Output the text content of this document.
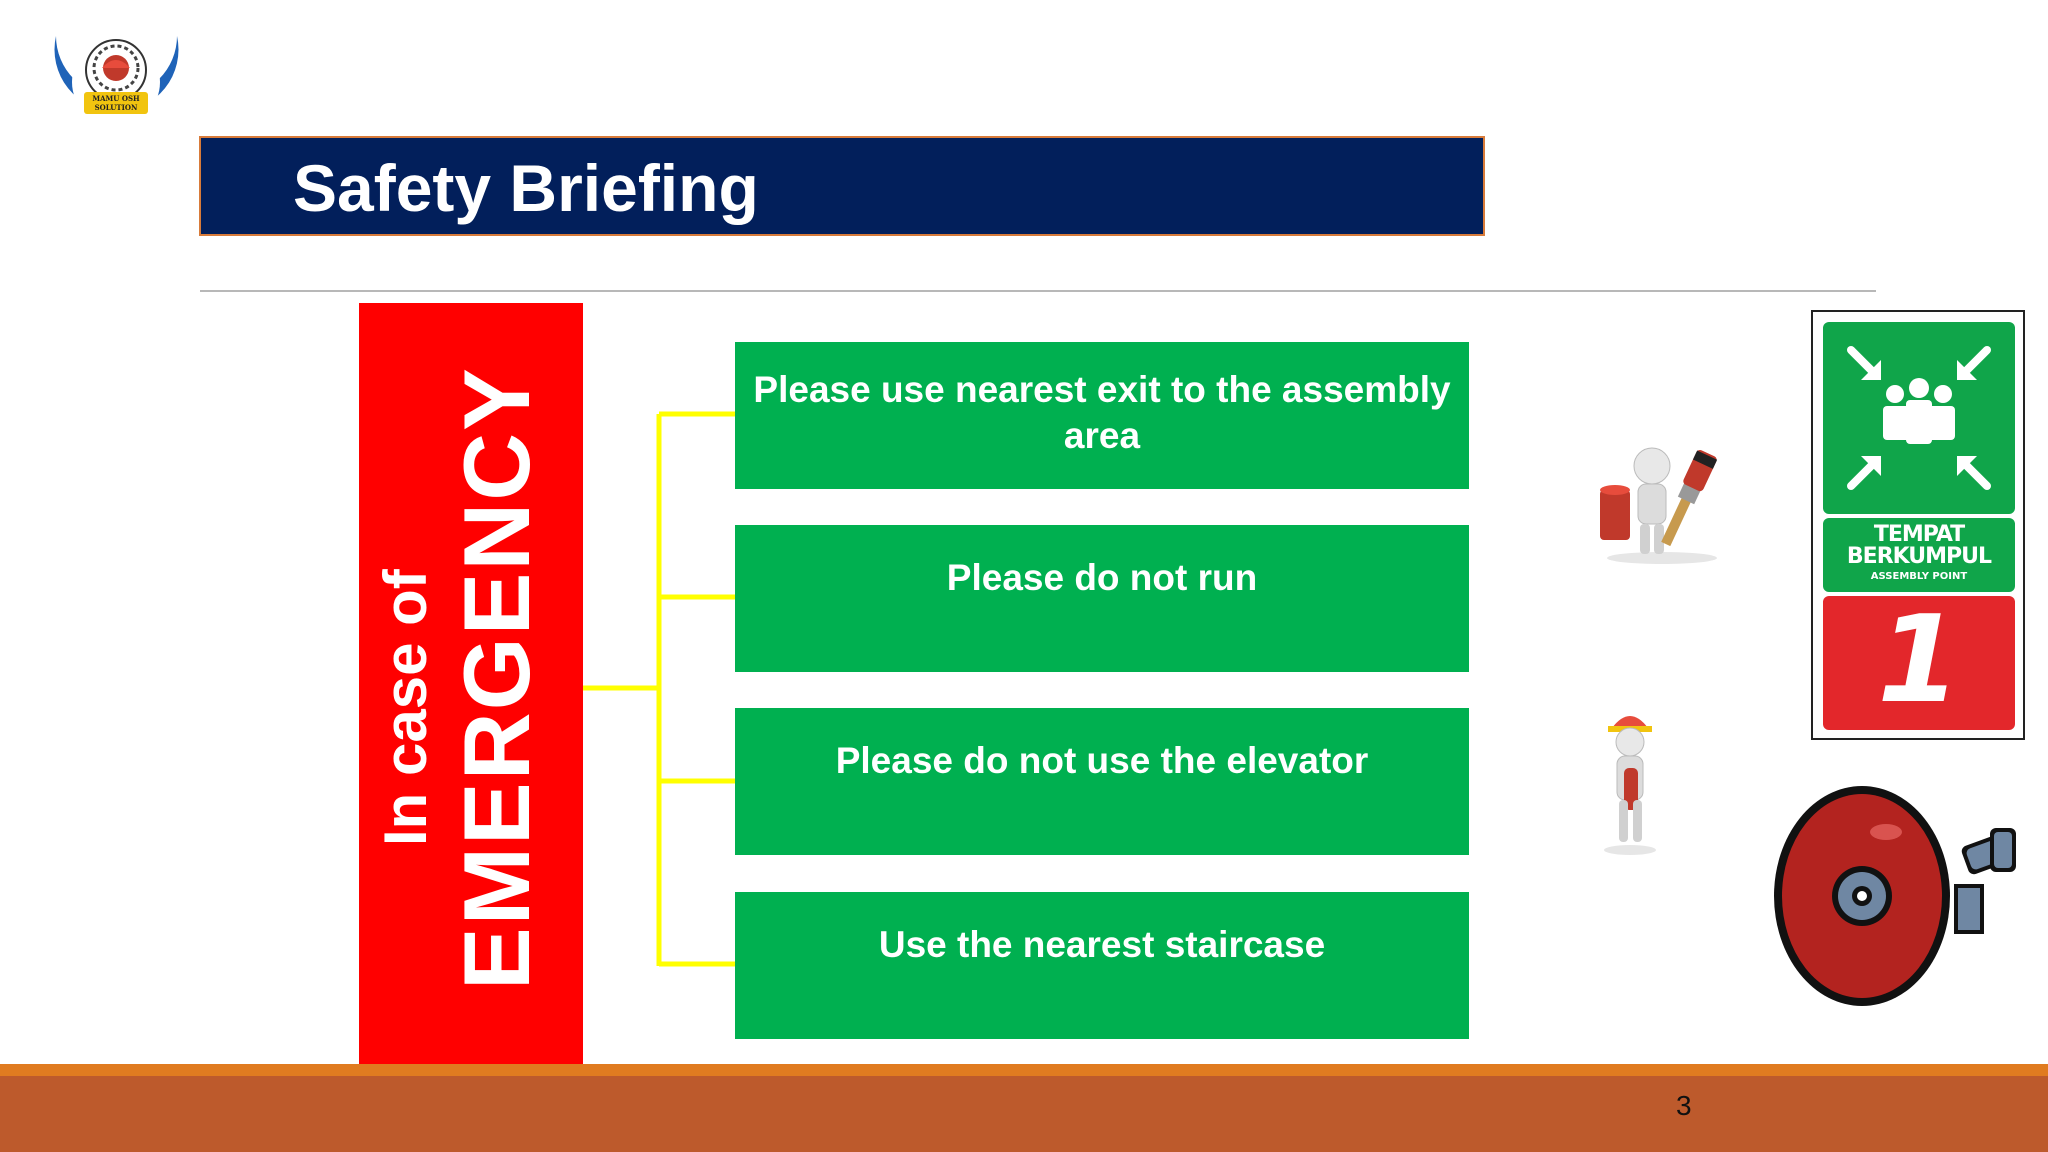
MAMU OSH
SOLUTION
Safety Briefing
In case of EMERGENCY	Please use nearest exit to the assembly
area
Please do not run
Please do not use the elevator
Use the nearest staircase
TEMPAT
BERKUMPUL
ASSEMBLY POINT
1
3
